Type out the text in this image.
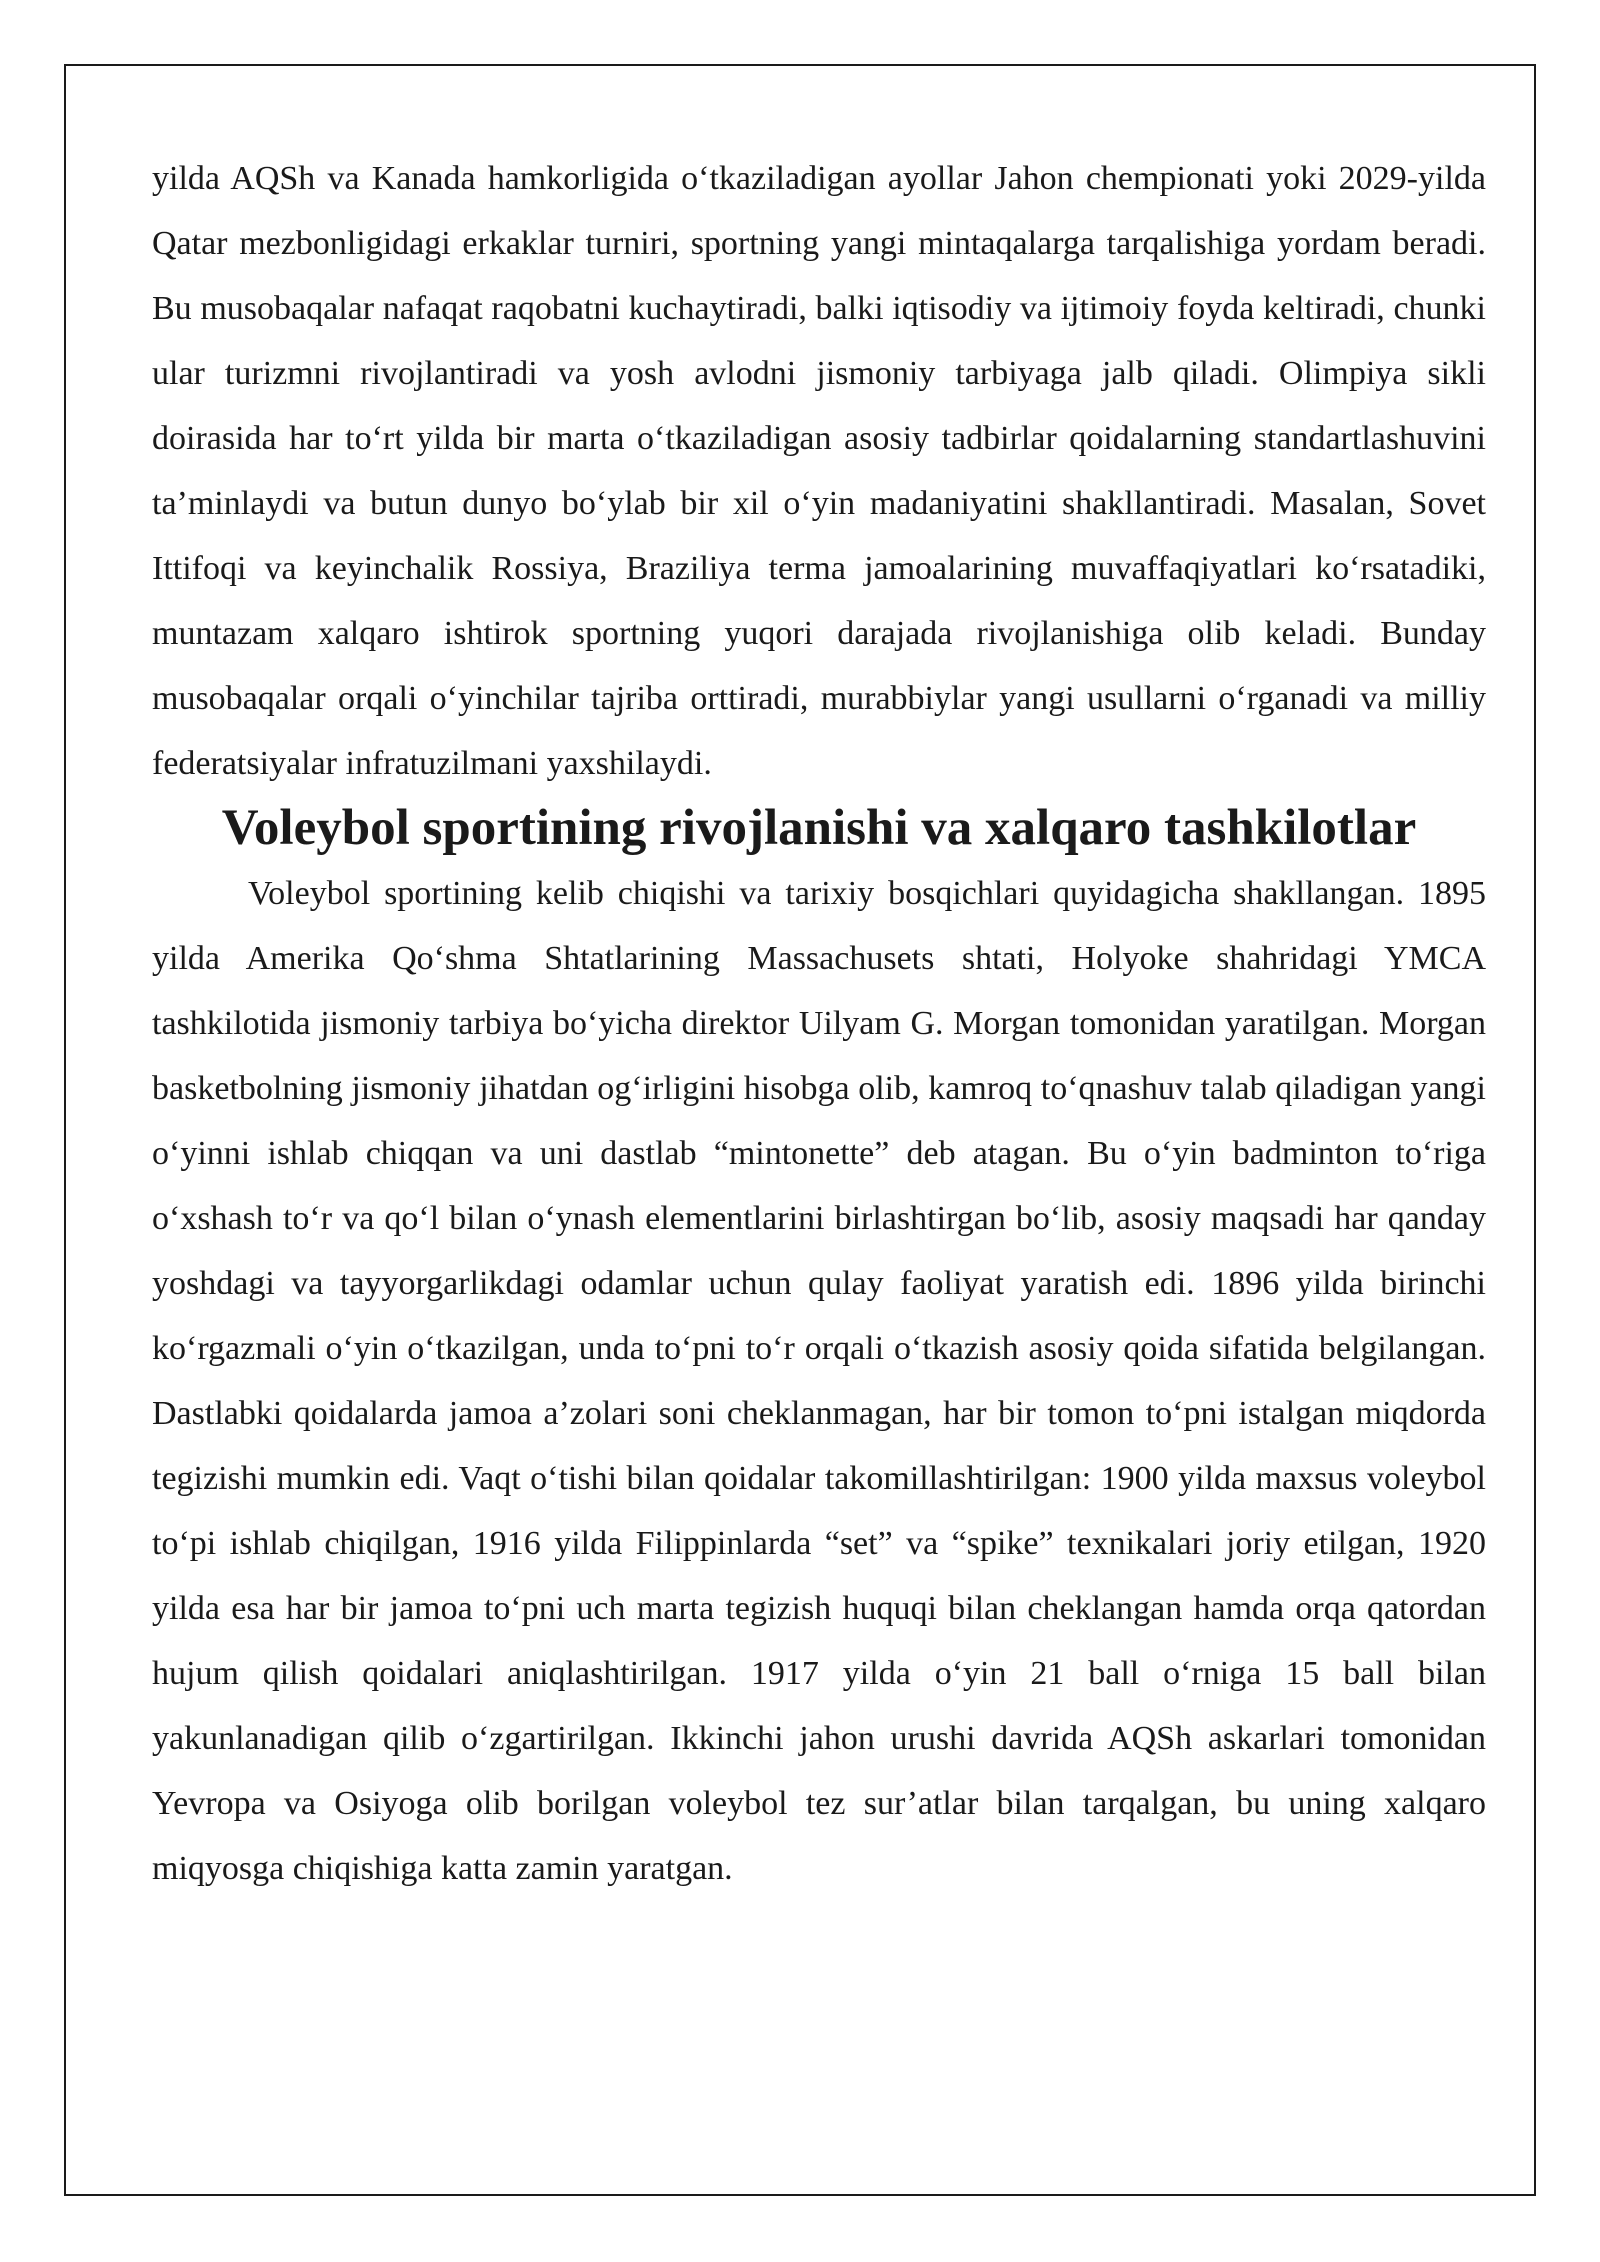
yilda AQSh va Kanada hamkorligida o‘tkaziladigan ayollar Jahon chempionati yoki 2029-yilda Qatar mezbonligidagi erkaklar turniri, sportning yangi mintaqalarga tarqalishiga yordam beradi. Bu musobaqalar nafaqat raqobatni kuchaytiradi, balki iqtisodiy va ijtimoiy foyda keltiradi, chunki ular turizmni rivojlantiradi va yosh avlodni jismoniy tarbiyaga jalb qiladi. Olimpiya sikli doirasida har to‘rt yilda bir marta o‘tkaziladigan asosiy tadbirlar qoidalarning standartlashuvini ta’minlaydi va butun dunyo bo‘ylab bir xil o‘yin madaniyatini shakllantiradi. Masalan, Sovet Ittifoqi va keyinchalik Rossiya, Braziliya terma jamoalarining muvaffaqiyatlari ko‘rsatadiki, muntazam xalqaro ishtirok sportning yuqori darajada rivojlanishiga olib keladi. Bunday musobaqalar orqali o‘yinchilar tajriba orttiradi, murabbiylar yangi usullarni o‘rganadi va milliy federatsiyalar infratuzilmani yaxshilaydi.

Voleybol sportining rivojlanishi va xalqaro tashkilotlar

Voleybol sportining kelib chiqishi va tarixiy bosqichlari quyidagicha shakllangan. 1895 yilda Amerika Qo‘shma Shtatlarining Massachusets shtati, Holyoke shahridagi YMCA tashkilotida jismoniy tarbiya bo‘yicha direktor Uilyam G. Morgan tomonidan yaratilgan. Morgan basketbolning jismoniy jihatdan og‘irligini hisobga olib, kamroq to‘qnashuv talab qiladigan yangi o‘yinni ishlab chiqqan va uni dastlab “mintonette” deb atagan. Bu o‘yin badminton to‘riga o‘xshash to‘r va qo‘l bilan o‘ynash elementlarini birlashtirgan bo‘lib, asosiy maqsadi har qanday yoshdagi va tayyorgarlikdagi odamlar uchun qulay faoliyat yaratish edi. 1896 yilda birinchi ko‘rgazmali o‘yin o‘tkazilgan, unda to‘pni to‘r orqali o‘tkazish asosiy qoida sifatida belgilangan. Dastlabki qoidalarda jamoa a’zolari soni cheklanmagan, har bir tomon to‘pni istalgan miqdorda tegizishi mumkin edi. Vaqt o‘tishi bilan qoidalar takomillashtirilgan: 1900 yilda maxsus voleybol to‘pi ishlab chiqilgan, 1916 yilda Filippinlarda “set” va “spike” texnikalari joriy etilgan, 1920 yilda esa har bir jamoa to‘pni uch marta tegizish huquqi bilan cheklangan hamda orqa qatordan hujum qilish qoidalari aniqlashtirilgan. 1917 yilda o‘yin 21 ball o‘rniga 15 ball bilan yakunlanadigan qilib o‘zgartirilgan. Ikkinchi jahon urushi davrida AQSh askarlari tomonidan Yevropa va Osiyoga olib borilgan voleybol tez sur’atlar bilan tarqalgan, bu uning xalqaro miqyosga chiqishiga katta zamin yaratgan.
